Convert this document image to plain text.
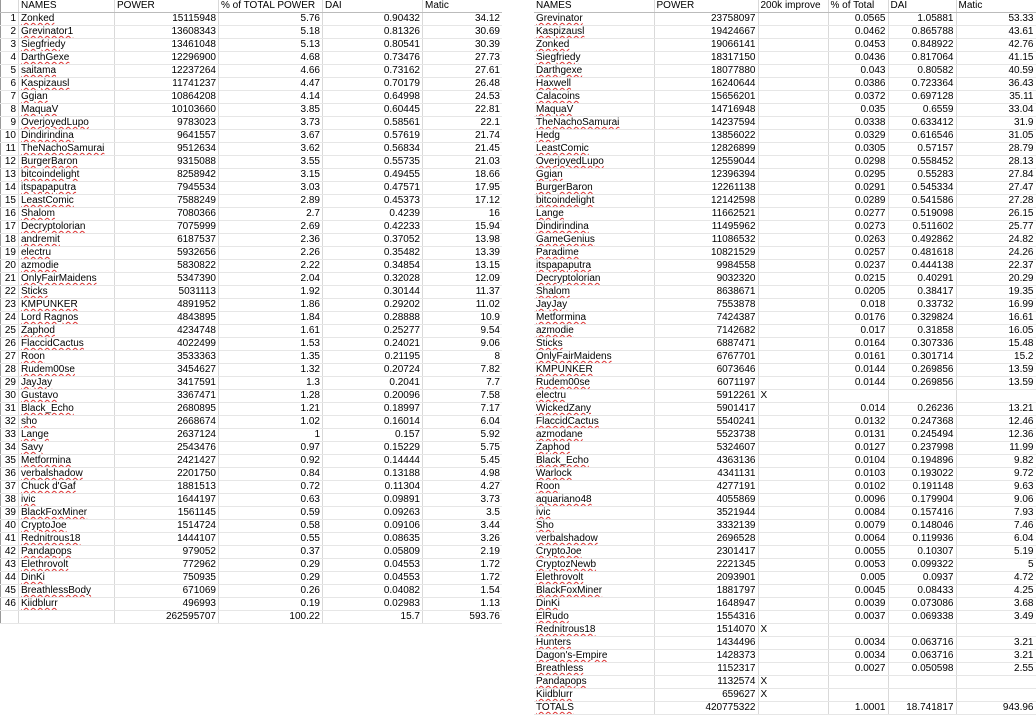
	NAMES	POWER	% of TOTAL POWER	DAI	Matic
1	Zonked	15115948	5.76	0.90432	34.12
2	Grevinator1	13608343	5.18	0.81326	30.69
3	Siegfriedy	13461048	5.13	0.80541	30.39
4	DarthGexe	12296900	4.68	0.73476	27.73
5	saitama	12237264	4.66	0.73162	27.61
6	Kaspizausl	11741237	4.47	0.70179	26.48
7	Ggian	10864208	4.14	0.64998	24.53
8	MaquaV	10103660	3.85	0.60445	22.81
9	OverjoyedLupo	9783023	3.73	0.58561	22.1
10	Dindirindina	9641557	3.67	0.57619	21.74
11	TheNachoSamurai	9512634	3.62	0.56834	21.45
12	BurgerBaron	9315088	3.55	0.55735	21.03
13	bitcoindelight	8258942	3.15	0.49455	18.66
14	itspapaputra	7945534	3.03	0.47571	17.95
15	LeastComic	7588249	2.89	0.45373	17.12
16	Shalom	7080366	2.7	0.4239	16
17	Decryptolorian	7075999	2.69	0.42233	15.94
18	andremit	6187537	2.36	0.37052	13.98
19	electru	5932656	2.26	0.35482	13.39
20	azmodie	5830822	2.22	0.34854	13.15
21	OnlyFairMaidens	5347390	2.04	0.32028	12.09
22	Sticks	5031113	1.92	0.30144	11.37
23	KMPUNKER	4891952	1.86	0.29202	11.02
24	Lord Ragnos	4843895	1.84	0.28888	10.9
25	Zaphod	4234748	1.61	0.25277	9.54
26	FlaccidCactus	4022499	1.53	0.24021	9.06
27	Roon	3533363	1.35	0.21195	8
28	Rudem00se	3454627	1.32	0.20724	7.82
29	JayJay	3417591	1.3	0.2041	7.7
30	Gustavo	3367471	1.28	0.20096	7.58
31	Black_Echo	2680895	1.21	0.18997	7.17
32	sho	2668674	1.02	0.16014	6.04
33	Lange	2637124	1	0.157	5.92
34	Savy	2543476	0.97	0.15229	5.75
35	Metformina	2421427	0.92	0.14444	5.45
36	verbalshadow	2201750	0.84	0.13188	4.98
37	Chuck d'Gaf	1881513	0.72	0.11304	4.27
38	ivic	1644197	0.63	0.09891	3.73
39	BlackFoxMiner	1561145	0.59	0.09263	3.5
40	CryptoJoe	1514724	0.58	0.09106	3.44
41	Rednitrous18	1444107	0.55	0.08635	3.26
42	Pandapops	979052	0.37	0.05809	2.19
43	Elethrovolt	772962	0.29	0.04553	1.72
44	DinKi	750935	0.29	0.04553	1.72
45	BreathlessBody	671069	0.26	0.04082	1.54
46	Kiidblurr	496993	0.19	0.02983	1.13
		262595707	100.22	15.7	593.76
NAMES	POWER	200k improve	% of Total	DAI	Matic
Grevinator	23758097		0.0565	1.05881	53.33
Kaspizausl	19424667		0.0462	0.865788	43.61
Zonked	19066141		0.0453	0.848922	42.76
Siegfriedy	18317150		0.0436	0.817064	41.15
Darthgexe	18077880		0.043	0.80582	40.59
Haxwell	16240644		0.0386	0.723364	36.43
Calacoins	15656201		0.0372	0.697128	35.11
MaquaV	14716948		0.035	0.6559	33.04
TheNachoSamurai	14237594		0.0338	0.633412	31.9
Hedg	13856022		0.0329	0.616546	31.05
LeastComic	12826899		0.0305	0.57157	28.79
OverjoyedLupo	12559044		0.0298	0.558452	28.13
Ggian	12396394		0.0295	0.55283	27.84
BurgerBaron	12261138		0.0291	0.545334	27.47
bitcoindelight	12142598		0.0289	0.541586	27.28
Lange	11662521		0.0277	0.519098	26.15
Dindirindina	11495962		0.0273	0.511602	25.77
GameGenius	11086532		0.0263	0.492862	24.82
Paradime	10821529		0.0257	0.481618	24.26
itspapaputra	9984558		0.0237	0.444138	22.37
Decryptolorian	9032320		0.0215	0.40291	20.29
Shalom	8638671		0.0205	0.38417	19.35
JayJay	7553878		0.018	0.33732	16.99
Metformina	7424387		0.0176	0.329824	16.61
azmodie	7142682		0.017	0.31858	16.05
Sticks	6887471		0.0164	0.307336	15.48
OnlyFairMaidens	6767701		0.0161	0.301714	15.2
KMPUNKER	6073646		0.0144	0.269856	13.59
Rudem00se	6071197		0.0144	0.269856	13.59
electru	5912261	X			
WickedZany	5901417		0.014	0.26236	13.21
FlaccidCactus	5540241		0.0132	0.247368	12.46
azmodane	5523738		0.0131	0.245494	12.36
Zaphod	5324607		0.0127	0.237998	11.99
Black_Echo	4363136		0.0104	0.194896	9.82
Warlock	4341131		0.0103	0.193022	9.72
Roon	4277191		0.0102	0.191148	9.63
aquariano48	4055869		0.0096	0.179904	9.06
ivic	3521944		0.0084	0.157416	7.93
Sho	3332139		0.0079	0.148046	7.46
verbalshadow	2696528		0.0064	0.119936	6.04
CryptoJoe	2301417		0.0055	0.10307	5.19
CryptozNewb	2221345		0.0053	0.099322	5
Elethrovolt	2093901		0.005	0.0937	4.72
BlackFoxMiner	1881797		0.0045	0.08433	4.25
DinKi	1648947		0.0039	0.073086	3.68
ElRudo	1554316		0.0037	0.069338	3.49
Rednitrous18	1514070	X			
Hunters	1434496		0.0034	0.063716	3.21
Dagon's-Empire	1428373		0.0034	0.063716	3.21
Breathless	1152317		0.0027	0.050598	2.55
Pandapops	1132574	X			
Kiidblurr	659627	X			
TOTALS	420775322		1.0001	18.741817	943.96
